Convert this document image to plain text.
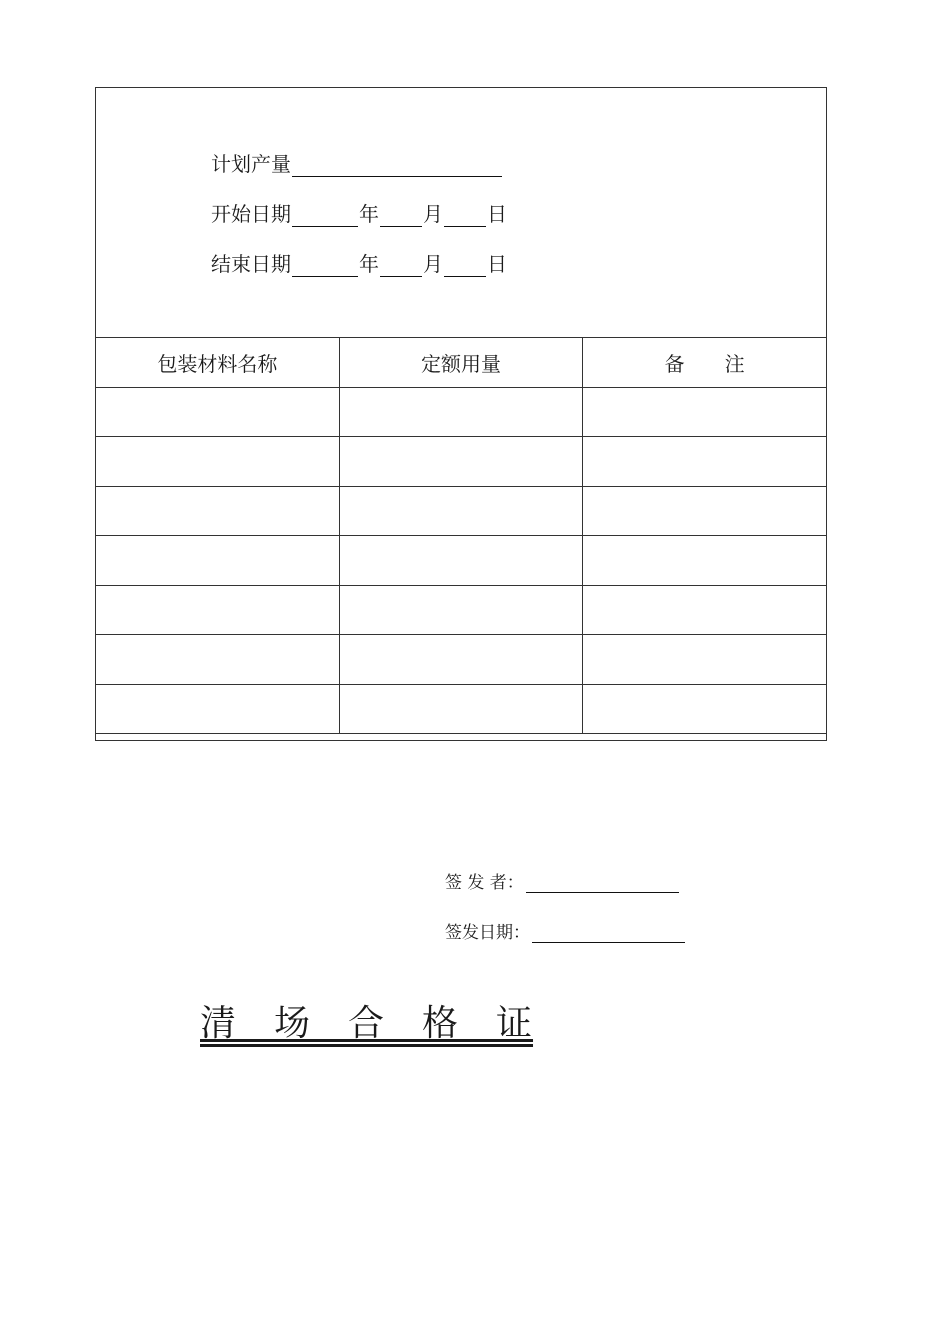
计划产量
开始日期	年 月 日
结束日期	年 月 日
包装材料名称	定额用量	备　　注

签 发 者：
签发日期：
清　场　合　格　证
